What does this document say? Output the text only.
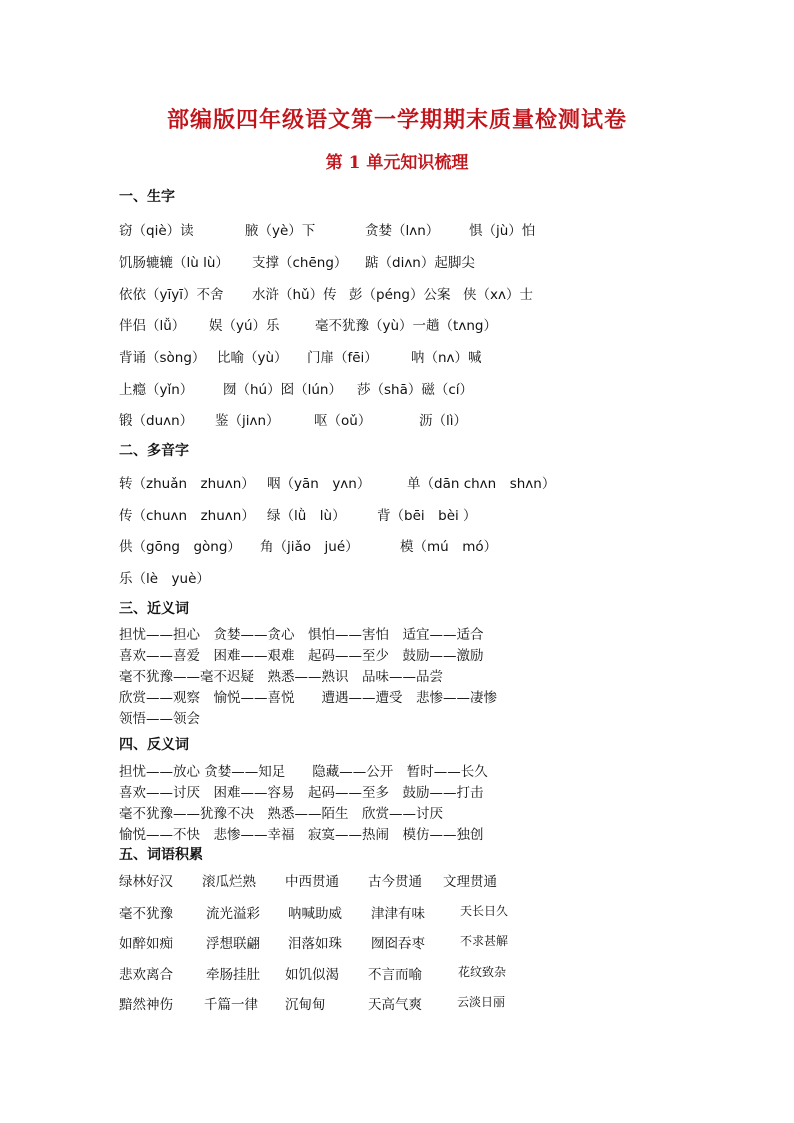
部编版四年级语文第一学期期末质量检测试卷
第 1 单元知识梳理
一、生字
窃（qiè）读	腋（yè）下	贪婪（lʌn） 惧（jù）怕
饥肠辘辘（lù lù） 支撑（chēng） 踮（diʌn）起脚尖
依依（yīyī）不舍 水浒（hǔ）传 彭（péng）公案 侠（xʌ）士
伴侣（lǚ） 娱（yú）乐	毫不犹豫（yù）一趟（tʌng）
背诵（sòng） 比喻（yù） 门扉（fēi） 呐（nʌ）喊
上瘾（yǐn） 囫（hú）囵（lún） 莎（shā）磁（cí）
锻（duʌn） 鉴（jiʌn）	呕（oǔ）	沥（lì）
二、多音字
转（zhuǎn　zhuʌn） 咽（yān　yʌn）	单（dān chʌn　shʌn）
传（chuʌn　zhuʌn） 绿（lǜ　lù） 背（bēi　bèi ）
供（gōng　gòng） 角（jiǎo　jué）	模（mú　mó）
乐（lè　yuè）
三、近义词
担忧——担心　贪婪——贪心　惧怕——害怕　适宜——适合
喜欢——喜爱　困难——艰难　起码——至少　鼓励——激励
毫不犹豫——毫不迟疑　熟悉——熟识　品味——品尝
欣赏——观察　愉悦——喜悦　　遭遇——遭受　悲惨——凄惨
领悟——领会
四、反义词
担忧——放心 贪婪——知足　　隐藏——公开　暂时——长久
喜欢——讨厌　困难——容易　起码——至多　鼓励——打击
毫不犹豫——犹豫不决　熟悉——陌生　欣赏——讨厌
愉悦——不快　悲惨——幸福　寂寞——热闹　模仿——独创
五、词语积累
绿林好汉 滚瓜烂熟 中西贯通 古今贯通 文理贯通
毫不犹豫 流光溢彩 呐喊助威 津津有味	天长日久
如醉如痴 浮想联翩 泪落如珠 囫囵吞枣	不求甚解
悲欢离合 牵肠挂肚 如饥似渴 不言而喻	花纹致杂
黯然神伤 千篇一律 沉甸甸	天高气爽	云淡日丽
